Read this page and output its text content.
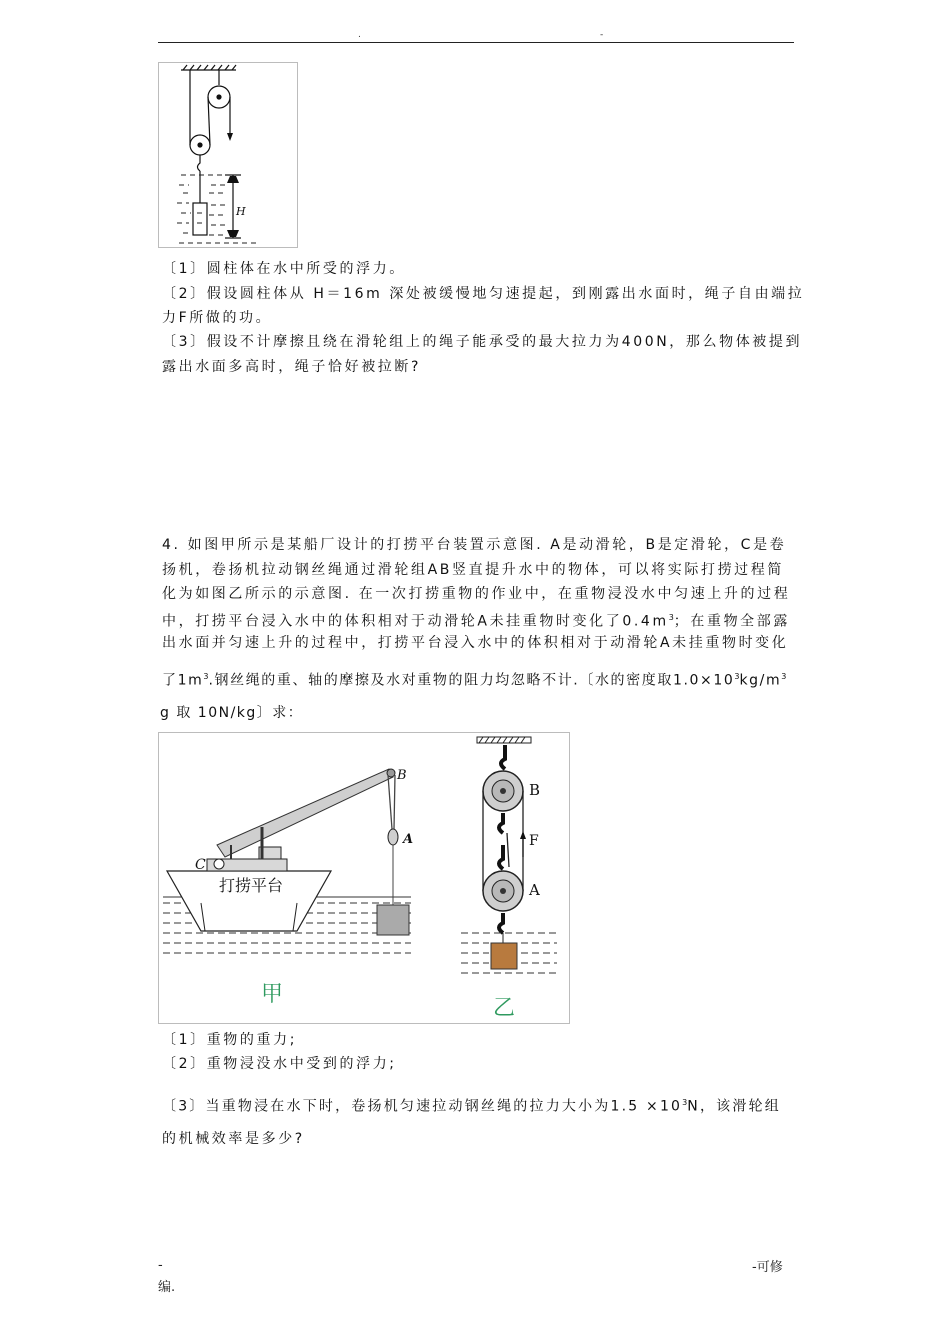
.	-
H
〔1〕圆柱体在水中所受的浮力。
〔2〕假设圆柱体从 H＝16m 深处被缓慢地匀速提起，到刚露出水面时，绳子自由端拉
力F所做的功。
〔3〕假设不计摩擦且绕在滑轮组上的绳子能承受的最大拉力为400N，那么物体被提到
露出水面多高时，绳子恰好被拉断?
4. 如图甲所示是某船厂设计的打捞平台装置示意图. A是动滑轮，B是定滑轮，C是卷
扬机，卷扬机拉动钢丝绳通过滑轮组AB竖直提升水中的物体，可以将实际打捞过程简
化为如图乙所示的示意图. 在一次打捞重物的作业中，在重物浸没水中匀速上升的过程
中，打捞平台浸入水中的体积相对于动滑轮A未挂重物时变化了$0.4m^3$；在重物全部露
出水面并匀速上升的过程中，打捞平台浸入水中的体积相对于动滑轮A未挂重物时变化
了$1m^3$.钢丝绳的重、轴的摩擦及水对重物的阻力均忽略不计.〔水的密度取$1.0\times 10^3kg/m^3$
g 取 10N/kg〕求：
B
A
C
打捞平台
甲
B
F
A
乙
〔1〕重物的重力;
〔2〕重物浸没水中受到的浮力;
〔3〕当重物浸在水下时，卷扬机匀速拉动钢丝绳的拉力大小为$1.5 \times 10^3N$，该滑轮组
的机械效率是多少?
-
编.
-可修
